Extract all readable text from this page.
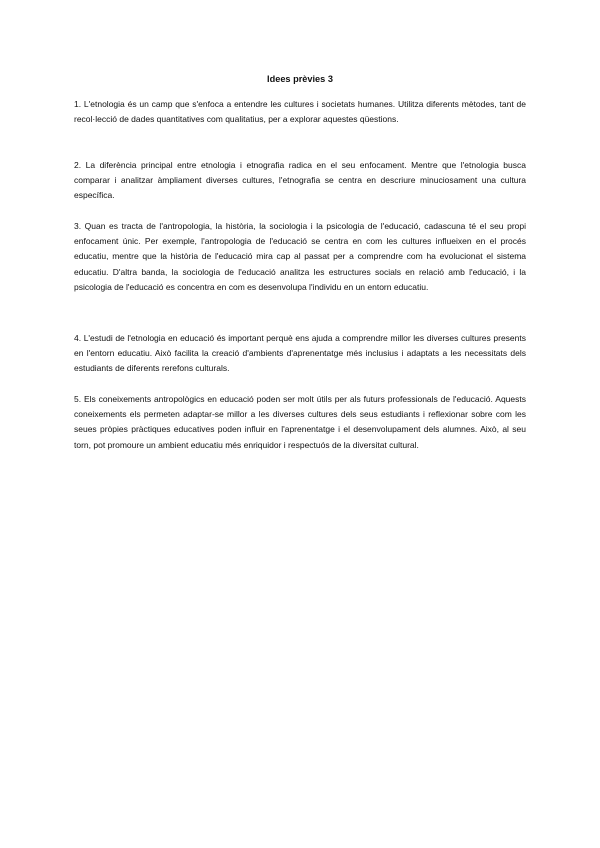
Idees prèvies 3

1. L'etnologia és un camp que s'enfoca a entendre les cultures i societats humanes. Utilitza diferents mètodes, tant de recol·lecció de dades quantitatives com qualitatius, per a explorar aquestes qüestions.

2. La diferència principal entre etnologia i etnografia radica en el seu enfocament. Mentre que l'etnologia busca comparar i analitzar àmpliament diverses cultures, l'etnografia se centra en descriure minuciosament una cultura específica.

3. Quan es tracta de l'antropologia, la història, la sociologia i la psicologia de l'educació, cadascuna té el seu propi enfocament únic. Per exemple, l'antropologia de l'educació se centra en com les cultures influeixen en el procés educatiu, mentre que la història de l'educació mira cap al passat per a comprendre com ha evolucionat el sistema educatiu. D'altra banda, la sociologia de l'educació analitza les estructures socials en relació amb l'educació, i la psicologia de l'educació es concentra en com es desenvolupa l'individu en un entorn educatiu.

4. L'estudi de l'etnologia en educació és important perquè ens ajuda a comprendre millor les diverses cultures presents en l'entorn educatiu. Això facilita la creació d'ambients d'aprenentatge més inclusius i adaptats a les necessitats dels estudiants de diferents rerefons culturals.

5. Els coneixements antropològics en educació poden ser molt útils per als futurs professionals de l'educació. Aquests coneixements els permeten adaptar-se millor a les diverses cultures dels seus estudiants i reflexionar sobre com les seues pròpies pràctiques educatives poden influir en l'aprenentatge i el desenvolupament dels alumnes. Això, al seu torn, pot promoure un ambient educatiu més enriquidor i respectuós de la diversitat cultural.
